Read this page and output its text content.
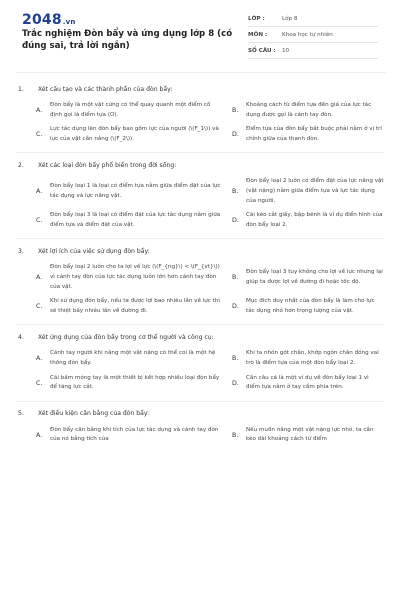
2048.vn
Trắc nghiệm Đòn bẩy và ứng dụng lớp 8 (có đúng sai, trả lời ngắn)
LỚP :	Lớp 8
MÔN :	Khoa học tự nhiên
SỐ CÂU :	10
1.	Xét cấu tạo và các thành phần của đòn bẩy:
A.
Đòn bẩy là một vật cứng có thể quay quanh một điểm cố định gọi là điểm tựa (O).
B.
Khoảng cách từ điểm tựa đến giá của lực tác dụng được gọi là cánh tay đòn.
C.
Lực tác dụng lên đòn bẩy bao gồm lực của người (\(F_1\)) và lực của vật cần nâng (\(F_2\)).
D.
Điểm tựa của đòn bẩy bắt buộc phải nằm ở vị trí chính giữa của thanh đòn.
2.	Xét các loại đòn bẩy phổ biến trong đời sống:
A.
Đòn bẩy loại 1 là loại có điểm tựa nằm giữa điểm đặt của lực tác dụng và lực nâng vật.
B.
Đòn bẩy loại 2 luôn có điểm đặt của lực nâng vật (vật nặng) nằm giữa điểm tựa và lực tác dụng của người.
C.
Đòn bẩy loại 3 là loại có điểm đặt của lực tác dụng nằm giữa điểm tựa và điểm đặt của vật.
D.
Cái kéo cắt giấy, bập bênh là ví dụ điển hình của đòn bẩy loại 2.
3.	Xét lợi ích của việc sử dụng đòn bẩy:
A.
Đòn bẩy loại 2 luôn cho ta lợi về lực (\(F_{ng}\) < \(F_{vt}\)) vì cánh tay đòn của lực tác dụng luôn lớn hơn cánh tay đòn của vật.
B.
Đòn bẩy loại 3 tuy không cho lợi về lực nhưng lại giúp ta được lợi về đường đi hoặc tốc độ.
C.
Khi sử dụng đòn bẩy, nếu ta được lợi bao nhiêu lần về lực thì sẽ thiệt bấy nhiêu lần về đường đi.
D.
Mục đích duy nhất của đòn bẩy là làm cho lực tác dụng nhỏ hơn trọng lượng của vật.
4.	Xét ứng dụng của đòn bẩy trong cơ thể người và công cụ:
A.
Cánh tay người khi nâng một vật nặng có thể coi là một hệ thống đòn bẩy.
B.
Khi ta nhón gót chân, khớp ngón chân đóng vai trò là điểm tựa của một đòn bẩy loại 2.
C.
Cái bấm móng tay là một thiết bị kết hợp nhiều loại đòn bẩy để tăng lực cắt.
D.
Cần câu cá là một ví dụ về đòn bẩy loại 1 vì điểm tựa nằm ở tay cầm phía trên.
5.	Xét điều kiện cân bằng của đòn bẩy:
A.
Đòn bẩy cân bằng khi tích của lực tác dụng và cánh tay đòn của nó bằng tích của
B.
Nếu muốn nâng một vật nặng lực nhỏ, ta cần kéo dài khoảng cách từ điểm
